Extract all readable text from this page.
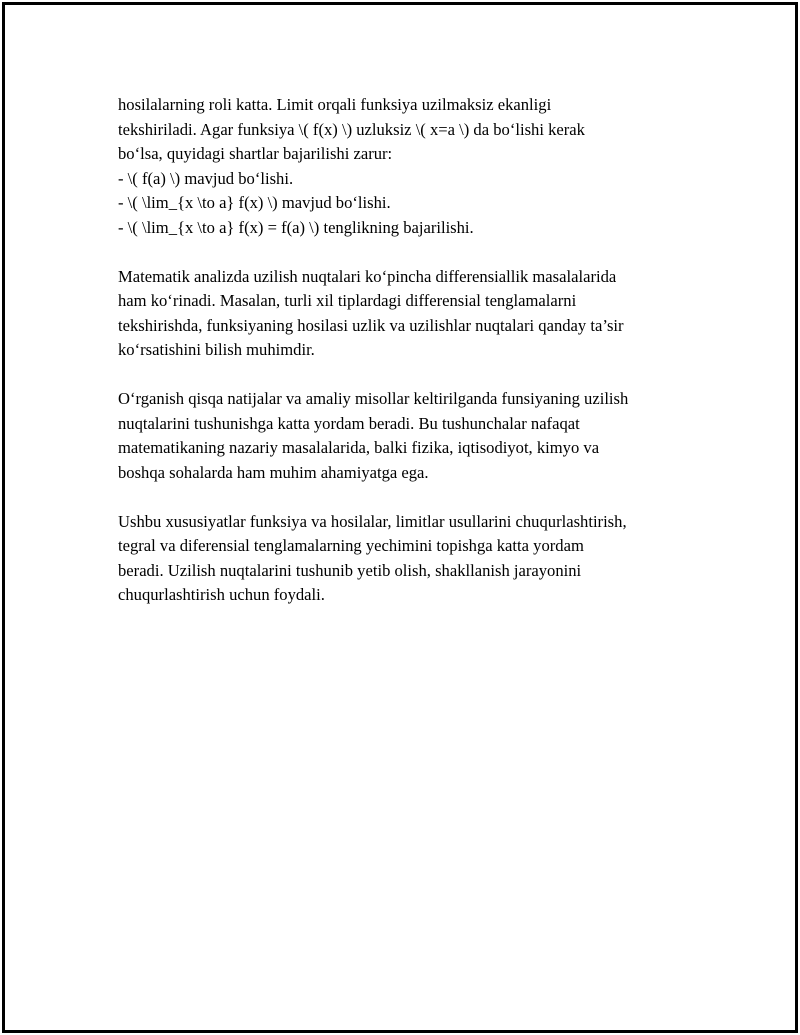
hosilalarning roli katta. Limit orqali funksiya uzilmaksiz ekanligi
tekshiriladi. Agar funksiya \( f(x) \) uzluksiz \( x=a \) da bo‘lishi kerak
bo‘lsa, quyidagi shartlar bajarilishi zarur:
- \( f(a) \) mavjud bo‘lishi.
- \( \lim_{x \to a} f(x) \) mavjud bo‘lishi.
- \( \lim_{x \to a} f(x) = f(a) \) tenglikning bajarilishi.

Matematik analizda uzilish nuqtalari ko‘pincha differensiallik masalalarida
ham ko‘rinadi. Masalan, turli xil tiplardagi differensial tenglamalarni
tekshirishda, funksiyaning hosilasi uzlik va uzilishlar nuqtalari qanday ta’sir
ko‘rsatishini bilish muhimdir.

O‘rganish qisqa natijalar va amaliy misollar keltirilganda funsiyaning uzilish
nuqtalarini tushunishga katta yordam beradi. Bu tushunchalar nafaqat
matematikaning nazariy masalalarida, balki fizika, iqtisodiyot, kimyo va
boshqa sohalarda ham muhim ahamiyatga ega.

Ushbu xususiyatlar funksiya va hosilalar, limitlar usullarini chuqurlashtirish,
tegral va diferensial tenglamalarning yechimini topishga katta yordam
beradi. Uzilish nuqtalarini tushunib yetib olish, shakllanish jarayonini
chuqurlashtirish uchun foydali.
